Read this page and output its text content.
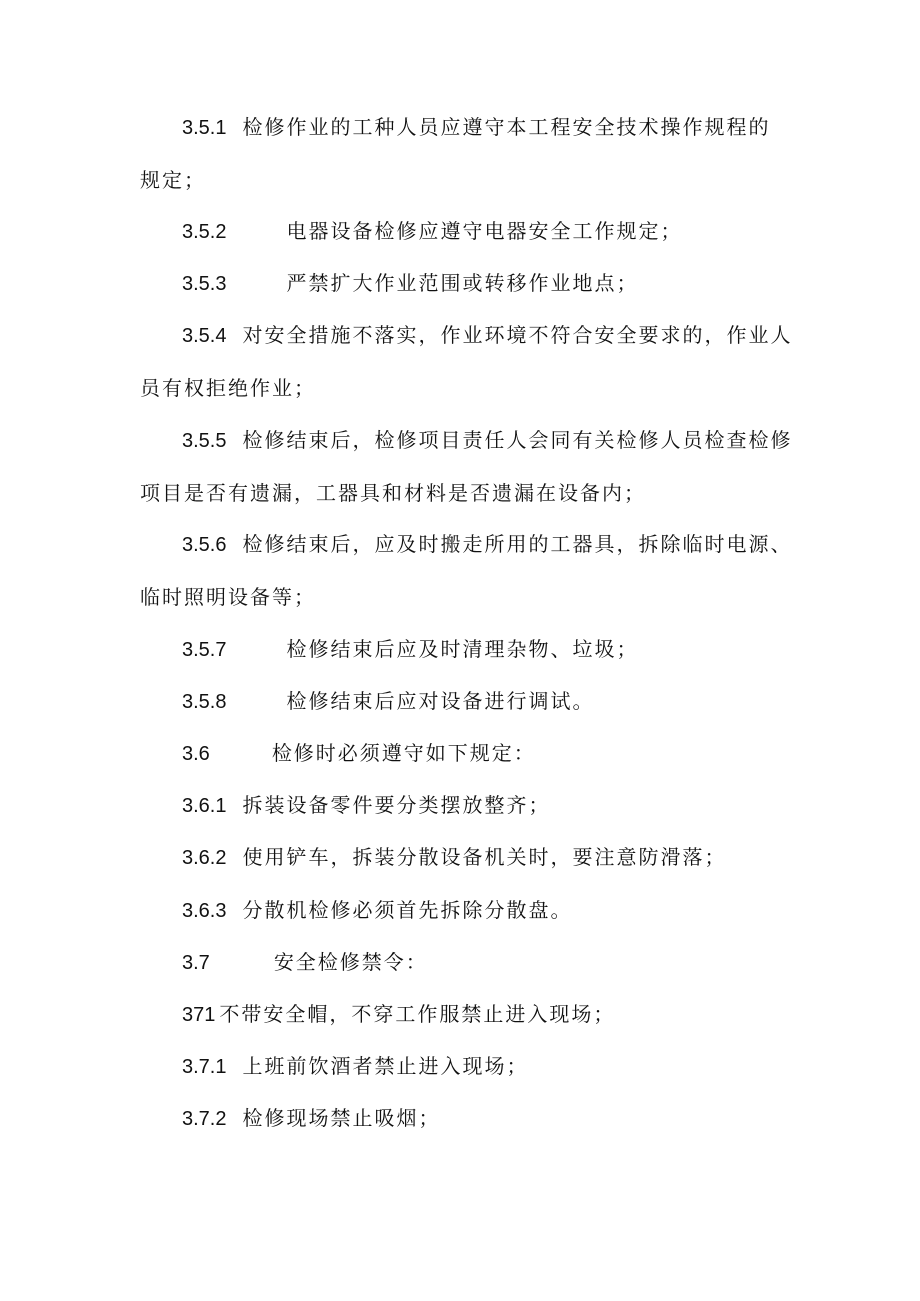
3.5.1 检修作业的工种人员应遵守本工程安全技术操作规程的
规定；
3.5.2	电器设备检修应遵守电器安全工作规定；
3.5.3	严禁扩大作业范围或转移作业地点；
3.5.4 对安全措施不落实，作业环境不符合安全要求的，作业人
员有权拒绝作业；
3.5.5 检修结束后，检修项目责任人会同有关检修人员检查检修
项目是否有遗漏，工器具和材料是否遗漏在设备内；
3.5.6 检修结束后，应及时搬走所用的工器具，拆除临时电源、
临时照明设备等；
3.5.7	检修结束后应及时清理杂物、垃圾；
3.5.8	检修结束后应对设备进行调试。
3.6	检修时必须遵守如下规定：
3.6.1 拆装设备零件要分类摆放整齐；
3.6.2 使用铲车，拆装分散设备机关时，要注意防滑落；
3.6.3 分散机检修必须首先拆除分散盘。
3.7	安全检修禁令：
371 不带安全帽，不穿工作服禁止进入现场；
3.7.1 上班前饮酒者禁止进入现场；
3.7.2 检修现场禁止吸烟；
